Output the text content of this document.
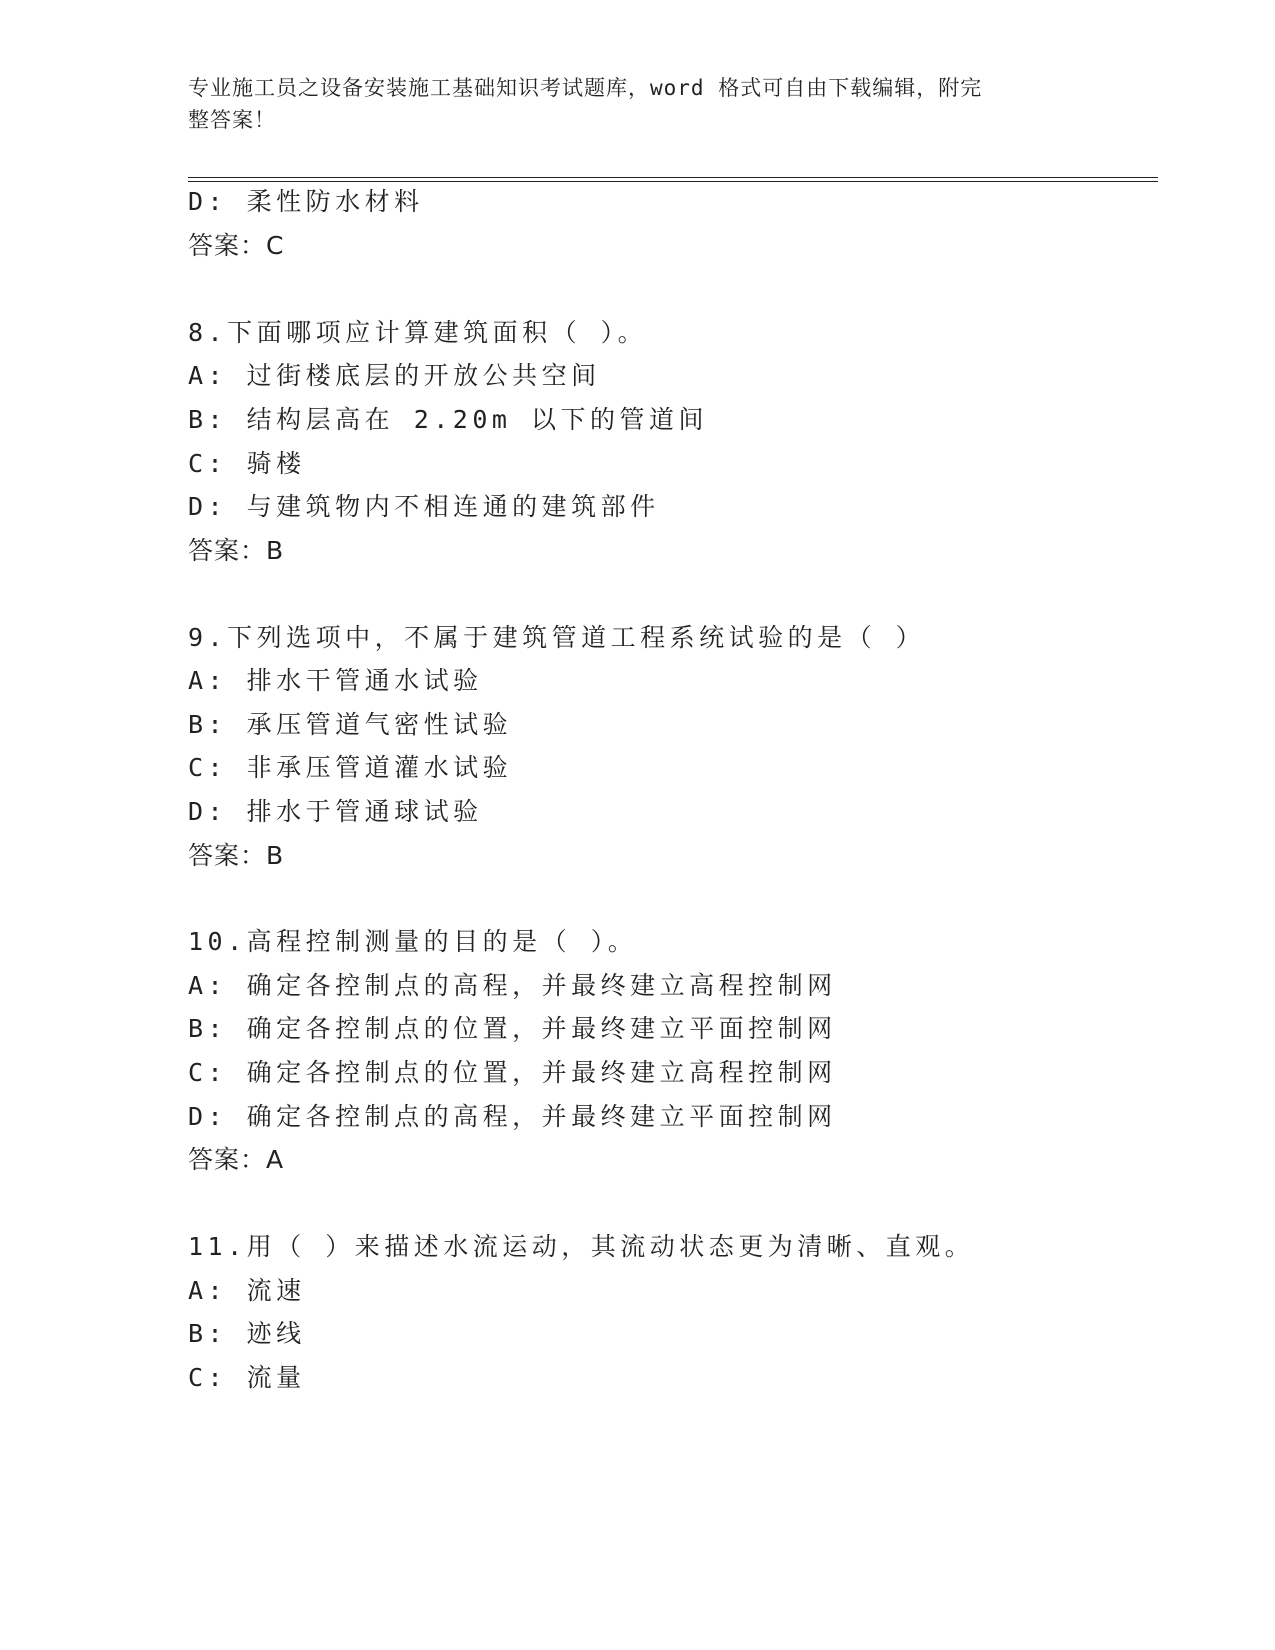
专业施工员之设备安装施工基础知识考试题库，word 格式可自由下载编辑，附完
整答案！
D: 柔性防水材料
答案：C
8.下面哪项应计算建筑面积（ ）。
A: 过街楼底层的开放公共空间
B: 结构层高在 2.20m 以下的管道间
C: 骑楼
D: 与建筑物内不相连通的建筑部件
答案：B
9.下列选项中，不属于建筑管道工程系统试验的是（ ）
A: 排水干管通水试验
B: 承压管道气密性试验
C: 非承压管道灌水试验
D: 排水于管通球试验
答案：B
10.高程控制测量的目的是（ ）。
A: 确定各控制点的高程，并最终建立高程控制网
B: 确定各控制点的位置，并最终建立平面控制网
C: 确定各控制点的位置，并最终建立高程控制网
D: 确定各控制点的高程，并最终建立平面控制网
答案：A
11.用（ ）来描述水流运动，其流动状态更为清晰、直观。
A: 流速
B: 迹线
C: 流量
